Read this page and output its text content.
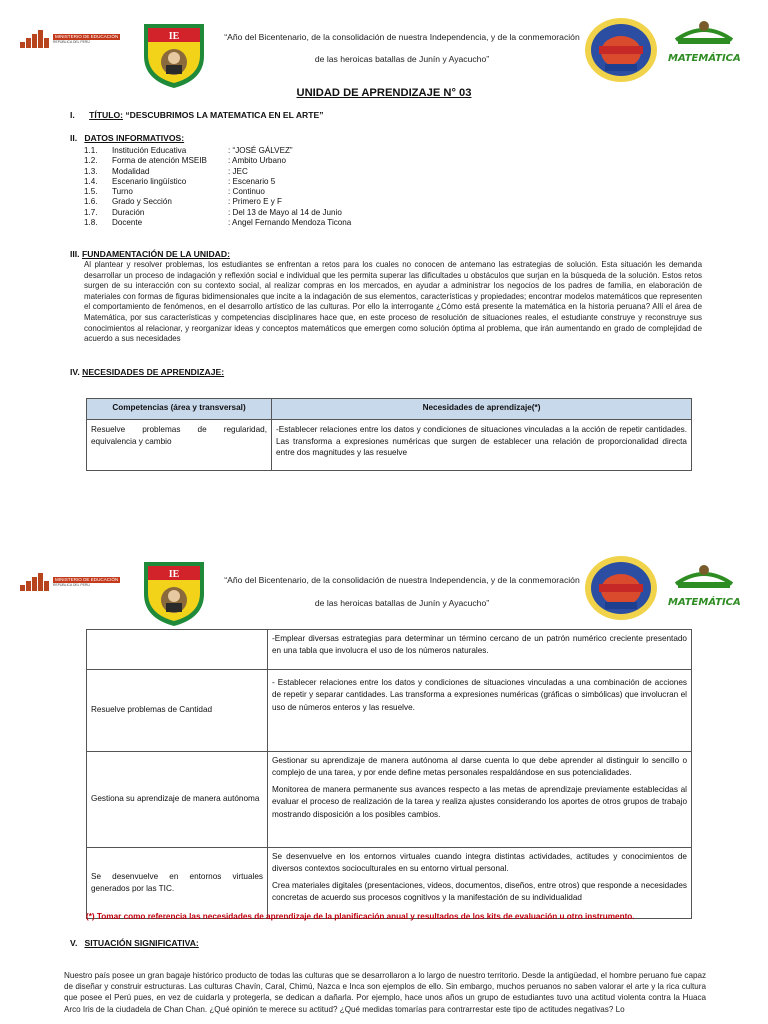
MINISTERIO DE EDUCACIÓN
REPÚBLICA DEL PERÚ
IE	“Año del Bicentenario, de la consolidación de nuestra Independencia, y de la conmemoración
de las heroicas batallas de Junín y Ayacucho”	MATEMÁTICA
UNIDAD DE APRENDIZAJE N° 03
I. TÍTULO: “DESCUBRIMOS LA MATEMATICA EN EL ARTE”
II. DATOS INFORMATIVOS:
1.1.	Institución Educativa	: “JOSÉ GÁLVEZ”
1.2.	Forma de atención MSEIB	: Ambito Urbano
1.3.	Modalidad	: JEC
1.4.	Escenario lingüístico	: Escenario 5
1.5.	Turno	: Continuo
1.6.	Grado y Sección	: Primero E y F
1.7.	Duración	: Del 13 de Mayo al 14 de Junio
1.8.	Docente	: Angel Fernando Mendoza Ticona
III. FUNDAMENTACIÓN DE LA UNIDAD:
Al plantear y resolver problemas, los estudiantes se enfrentan a retos para los cuales no conocen de antemano las estrategias de solución. Esta situación les demanda desarrollar un proceso de indagación y reflexión social e individual que les permita superar las dificultades u obstáculos que surjan en la búsqueda de la solución. Estos retos surgen de su interacción con su contexto social, al realizar compras en los mercados, en ayudar a administrar los negocios de los padres de familia, en elaboración de materiales con formas de figuras bidimensionales que incite a la indagación de sus elementos, características y propiedades; encontrar modelos matemáticos que representen el comportamiento de fenómenos, en el desarrollo artístico de las culturas. Por ello la interrogante ¿Cómo está presente la matemática en la historia peruana? Allí el área de Matemática, por sus características y competencias disciplinares hace que, en este proceso de resolución de situaciones reales, el estudiante construye y reconstruye sus conocimientos al relacionar, y reorganizar ideas y conceptos matemáticos que emergen como solución óptima al problema, que irán aumentando en grado de complejidad de acuerdo a sus necesidades
IV. NECESIDADES DE APRENDIZAJE:
Competencias (área y transversal)	Necesidades de aprendizaje(*)
Resuelve problemas de regularidad, equivalencia y cambio	-Establecer relaciones entre los datos y condiciones de situaciones vinculadas a la acción de repetir cantidades. Las transforma a expresiones numéricas que surgen de establecer una relación de proporcionalidad directa entre dos magnitudes y las resuelve
MINISTERIO DE EDUCACIÓN
REPÚBLICA DEL PERÚ
IE	“Año del Bicentenario, de la consolidación de nuestra Independencia, y de la conmemoración
de las heroicas batallas de Junín y Ayacucho”	MATEMÁTICA

	-Emplear diversas estrategias para determinar un término cercano de un patrón numérico creciente presentado en una tabla que involucra el uso de los números naturales.

Resuelve problemas de Cantidad	- Establecer relaciones entre los datos y condiciones de situaciones vinculadas a una combinación de acciones de repetir y separar cantidades. Las transforma a expresiones numéricas (gráficas o simbólicas) que involucran el uso de números enteros y las resuelve.

Gestiona su aprendizaje de manera autónoma	Gestionar su aprendizaje de manera autónoma al darse cuenta lo que debe aprender al distinguir lo sencillo o complejo de una tarea, y por ende define metas personales respaldándose en sus potencialidades.
Monitorea de manera permanente sus avances respecto a las metas de aprendizaje previamente establecidas al evaluar el proceso de realización de la tarea y realiza ajustes considerando los aportes de otros grupos de trabajo mostrando disposición a los posibles cambios.

Se desenvuelve en entornos virtuales generados por las TIC.	Se desenvuelve en los entornos virtuales cuando integra distintas actividades, actitudes y conocimientos de diversos contextos socioculturales en su entorno virtual personal.
Crea materiales digitales (presentaciones, videos, documentos, diseños, entre otros) que responde a necesidades concretas de acuerdo sus procesos cognitivos y la manifestación de su individualidad
(*) Tomar como referencia las necesidades de aprendizaje de la planificación anual y resultados de los kits de evaluación u otro instrumento.
V. SITUACIÓN SIGNIFICATIVA:
Nuestro país posee un gran bagaje histórico producto de todas las culturas que se desarrollaron a lo largo de nuestro territorio. Desde la antigüedad, el hombre peruano fue capaz de diseñar y construir estructuras. Las culturas Chavín, Caral, Chimú, Nazca e Inca son ejemplos de ello. Sin embargo, muchos peruanos no saben valorar el arte y la rica cultura que posee el Perú pues, en vez de cuidarla y protegerla, se dedican a dañarla. Por ejemplo, hace unos años un grupo de estudiantes tuvo una actitud violenta contra la Huaca Arco Iris de la ciudadela de Chan Chan. ¿Qué opinión te merece su actitud? ¿Qué medidas tomarías para contrarrestar este tipo de actitudes negativas? Lo
